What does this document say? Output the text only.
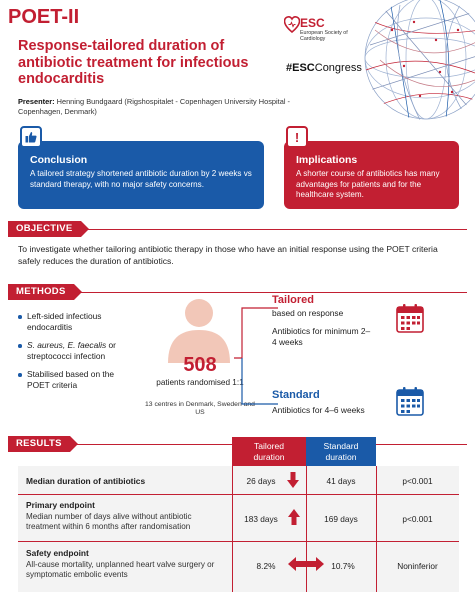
POET-II
Response-tailored duration of antibiotic treatment for infectious endocarditis
Presenter: Henning Bundgaard (Rigshospitalet - Copenhagen University Hospital - Copenhagen, Denmark)
ESC
European Society of Cardiology
#ESCCongress
Conclusion

A tailored strategy shortened antibiotic duration by 2 weeks vs standard therapy, with no major safety concerns.

Implications

A shorter course of antibiotics has many advantages for patients and for the healthcare system.

!
OBJECTIVE
To investigate whether tailoring antibiotic therapy in those who have an initial response using the POET criteria safely reduces the duration of antibiotics.
METHODS
Left-sided infectious endocarditis
S. aureus, E. faecalis or streptococci infection
Stabilised based on the POET criteria
508
patients randomised 1:1
13 centres in Denmark, Sweden and US
Tailored
based on response
Antibiotics for minimum 2–4 weeks
Standard
Antibiotics for 4–6 weeks
RESULTS	Tailored duration
Standard duration
Median duration of antibiotics	26 days	41 days	p<0.001
Primary endpoint
Median number of days alive without antibiotic treatment within 6 months after randomisation
183 days	169 days	p<0.001
Safety endpoint
All-cause mortality, unplanned heart valve surgery or symptomatic embolic events
8.2%	10.7%	Noninferior
